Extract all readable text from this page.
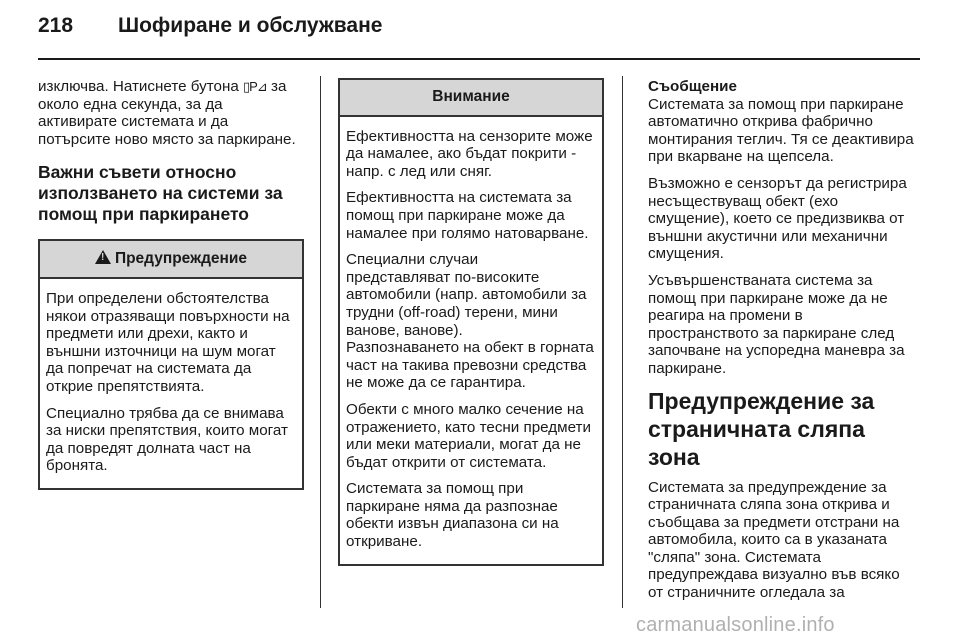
218 Шофиране и обслужване

изключва. Натиснете бутона ▯P⊿ за около една секунда, за да активирате системата и да потърсите ново място за паркиране.

Важни съвети относно използването на системи за помощ при паркирането
! Предупреждение

При определени обстоятелства някои отразяващи повърхности на предмети или дрехи, както и външни източници на шум могат да попречат на системата да открие препятствията.

Специално трябва да се внимава за ниски препятствия, които могат да повредят долната част на бронята.

Внимание

Ефективността на сензорите може да намалее, ако бъдат покрити - напр. с лед или сняг.

Ефективността на системата за помощ при паркиране може да намалее при голямо натоварване.

Специални случаи

представляват по-високите автомобили (напр. автомобили за трудни (off-road) терени, мини ванове, ванове).

Разпознаването на обект в горната част на такива превозни средства не може да се гарантира.

Обекти с много малко сечение на отражението, като тесни предмети или меки материали, могат да не бъдат открити от системата.

Системата за помощ при паркиране няма да разпознае обекти извън диапазона си на откриване.

Съобщение

Системата за помощ при паркиране автоматично открива фабрично монтирания теглич. Тя се деактивира при вкарване на щепсела.

Възможно е сензорът да регистрира несъществуващ обект (ехо смущение), което се предизвиква от външни акустични или механични смущения.

Усъвършенстваната система за помощ при паркиране може да не реагира на промени в пространството за паркиране след започване на успоредна маневра за паркиране.

Предупреждение за страничната сляпа зона

Системата за предупреждение за страничната сляпа зона открива и съобщава за предмети отстрани на автомобила, които са в указаната "сляпа" зона. Системата предупреждава визуално във всяко от страничните огледала за

carmanualsonline.info
